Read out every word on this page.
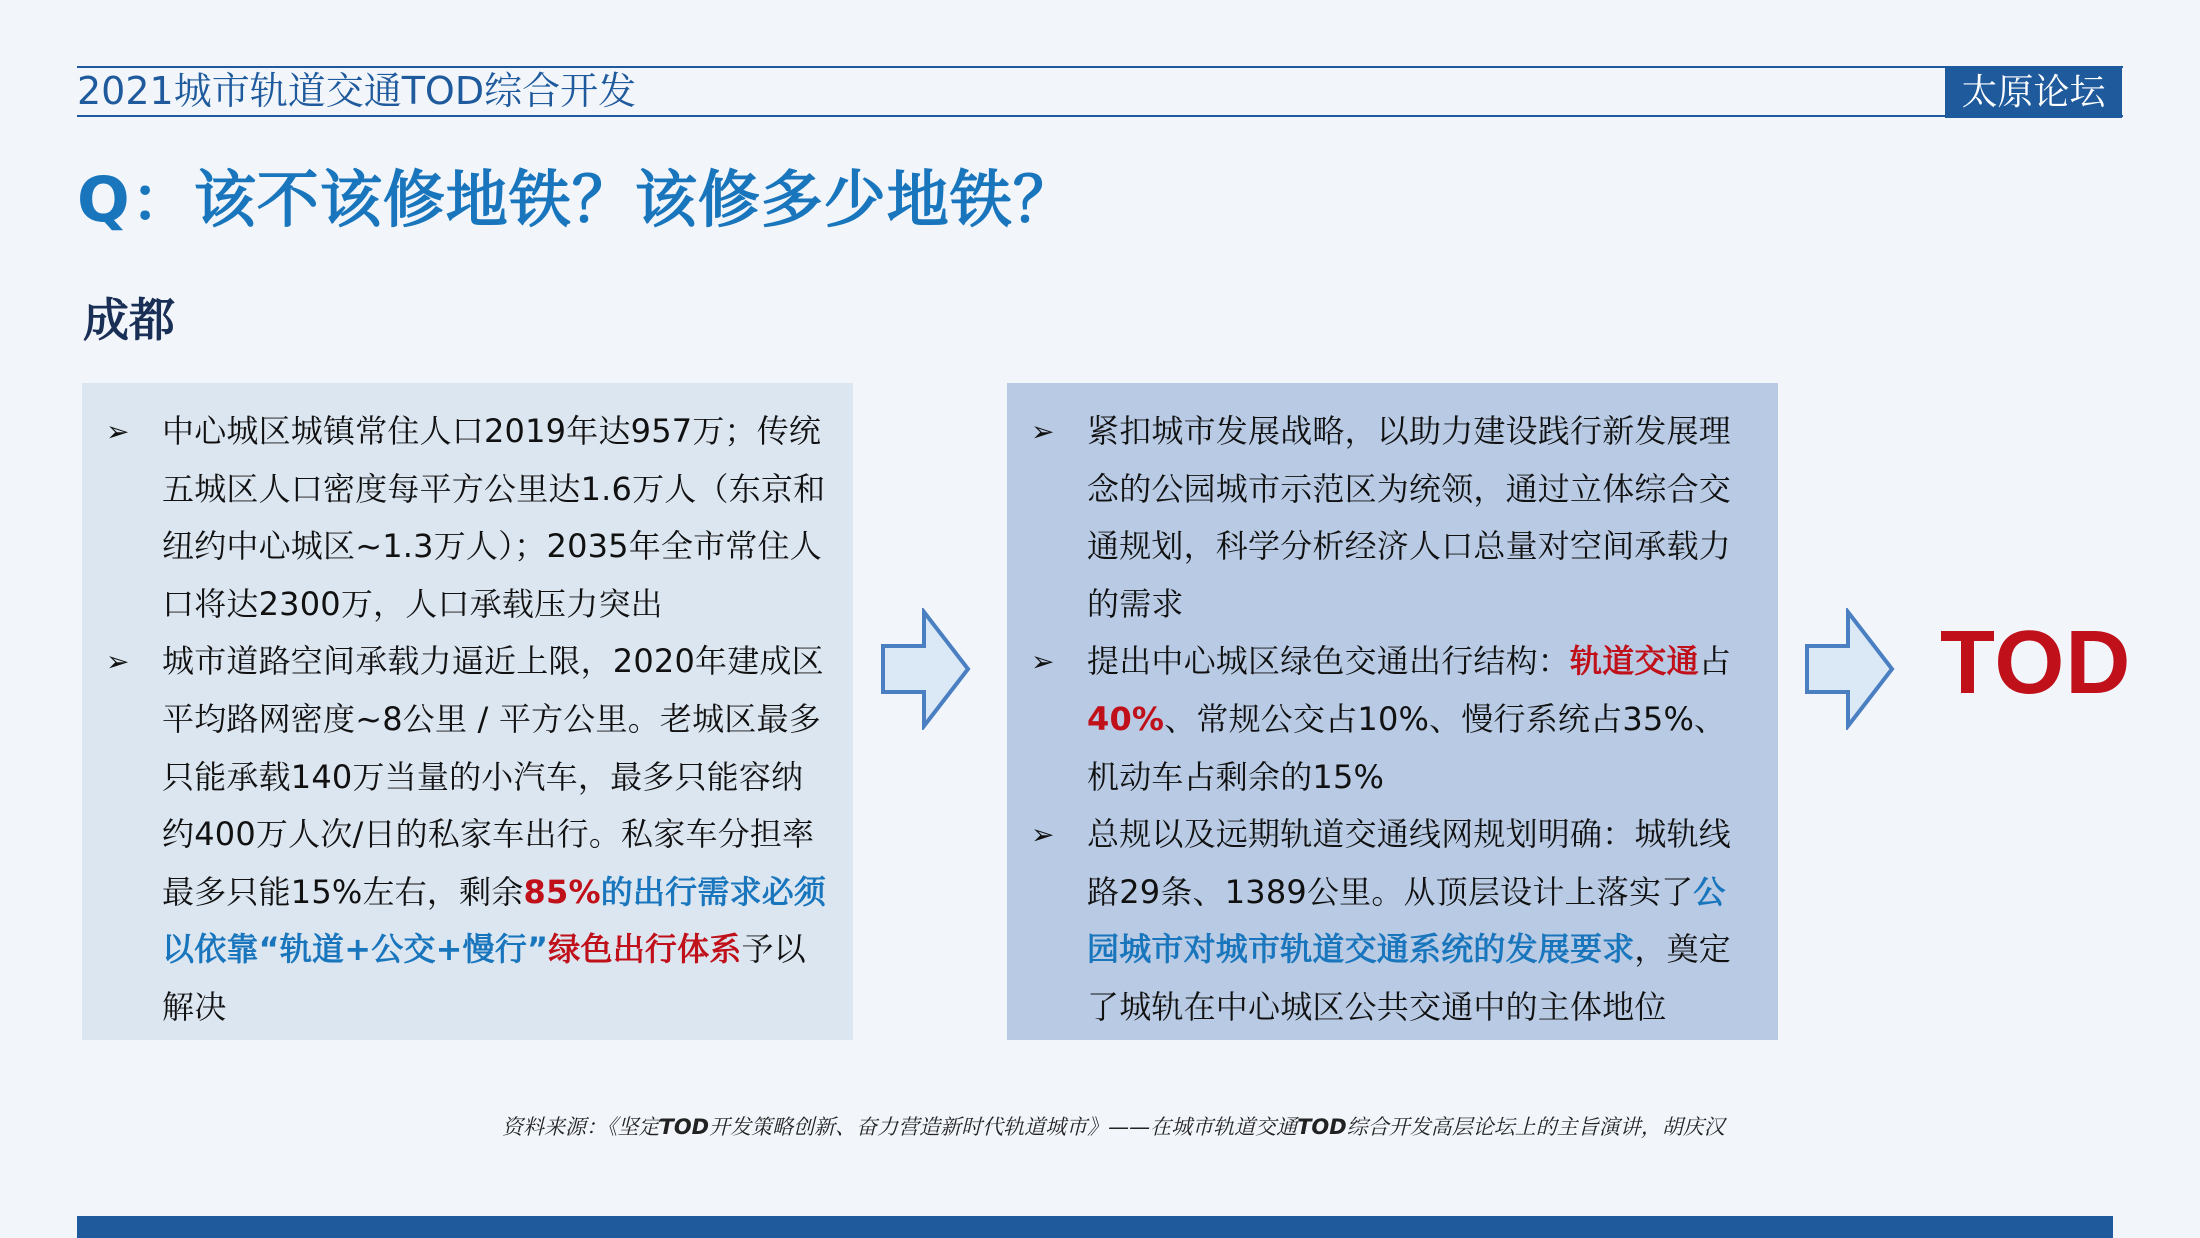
2021城市轨道交通TOD综合开发	太原论坛
Q：该不该修地铁？该修多少地铁？
成都
➢	中心城区城镇常住人口2019年达957万；传统五城区人口密度每平方公里达1.6万人（东京和纽约中心城区~1.3万人）；2035年全市常住人口将达2300万，人口承载压力突出
➢	城市道路空间承载力逼近上限，2020年建成区平均路网密度~8公里 / 平方公里。老城区最多只能承载140万当量的小汽车，最多只能容纳约400万人次/日的私家车出行。私家车分担率最多只能15%左右，剩余85%的出行需求必须以依靠“轨道+公交+慢行”绿色出行体系予以解决
➢	紧扣城市发展战略，以助力建设践行新发展理念的公园城市示范区为统领，通过立体综合交通规划，科学分析经济人口总量对空间承载力的需求
➢	提出中心城区绿色交通出行结构：轨道交通占40%、常规公交占10%、慢行系统占35%、机动车占剩余的15%
➢	总规以及远期轨道交通线网规划明确：城轨线路29条、1389公里。从顶层设计上落实了公园城市对城市轨道交通系统的发展要求，奠定了城轨在中心城区公共交通中的主体地位
TOD
资料来源：《坚定TOD开发策略创新、奋力营造新时代轨道城市》——在城市轨道交通TOD综合开发高层论坛上的主旨演讲，胡庆汉
